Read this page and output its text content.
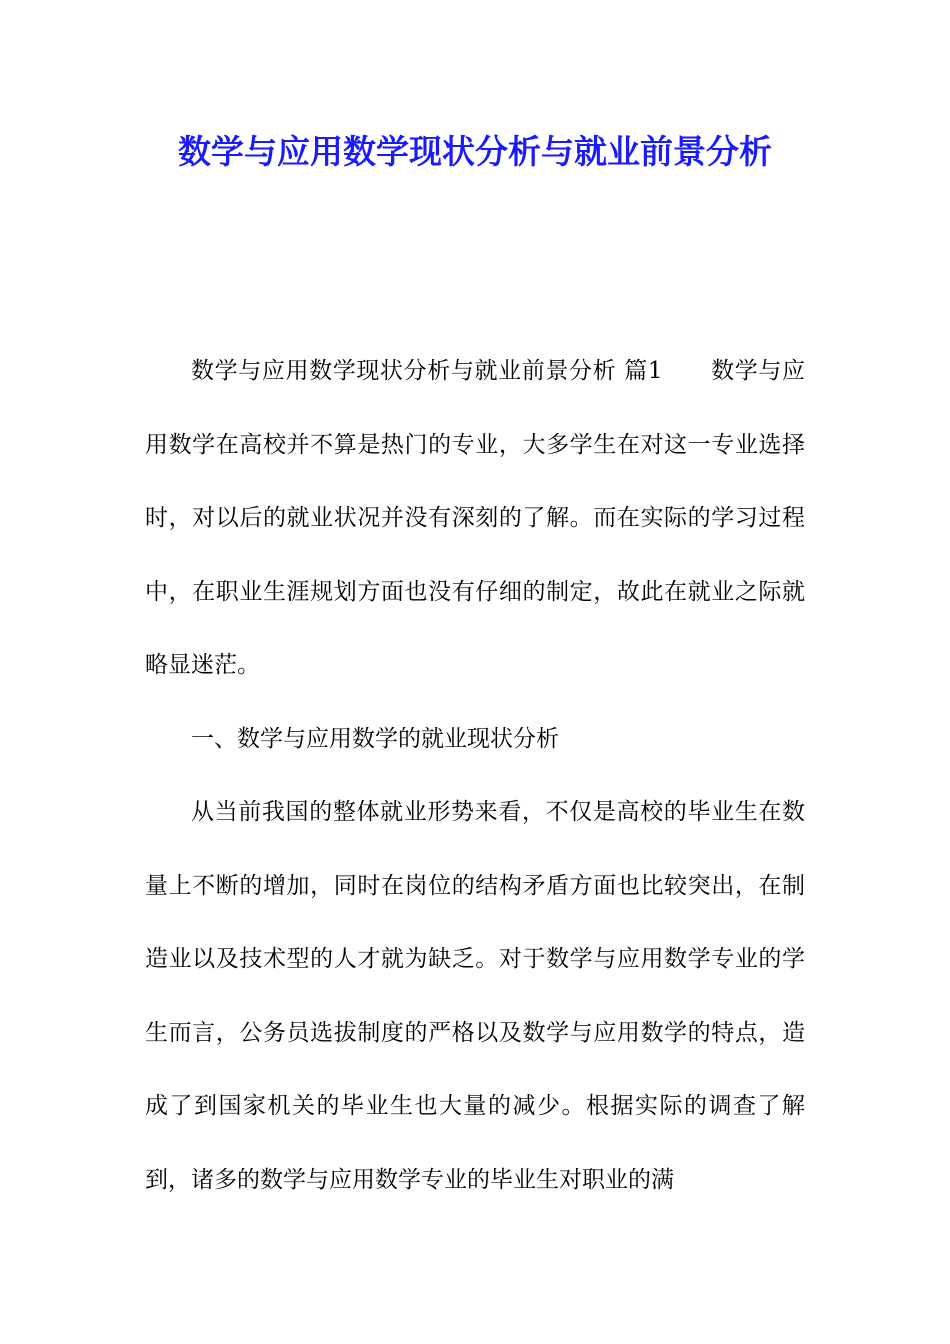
数学与应用数学现状分析与就业前景分析

数学与应用数学现状分析与就业前景分析 篇1 数学与应用数学在高校并不算是热门的专业，大多学生在对这一专业选择时，对以后的就业状况并没有深刻的了解。而在实际的学习过程中，在职业生涯规划方面也没有仔细的制定，故此在就业之际就略显迷茫。

一、数学与应用数学的就业现状分析

从当前我国的整体就业形势来看，不仅是高校的毕业生在数量上不断的增加，同时在岗位的结构矛盾方面也比较突出，在制造业以及技术型的人才就为缺乏。对于数学与应用数学专业的学生而言，公务员选拔制度的严格以及数学与应用数学的特点，造成了到国家机关的毕业生也大量的减少。根据实际的调查了解到，诸多的数学与应用数学专业的毕业生对职业的满
